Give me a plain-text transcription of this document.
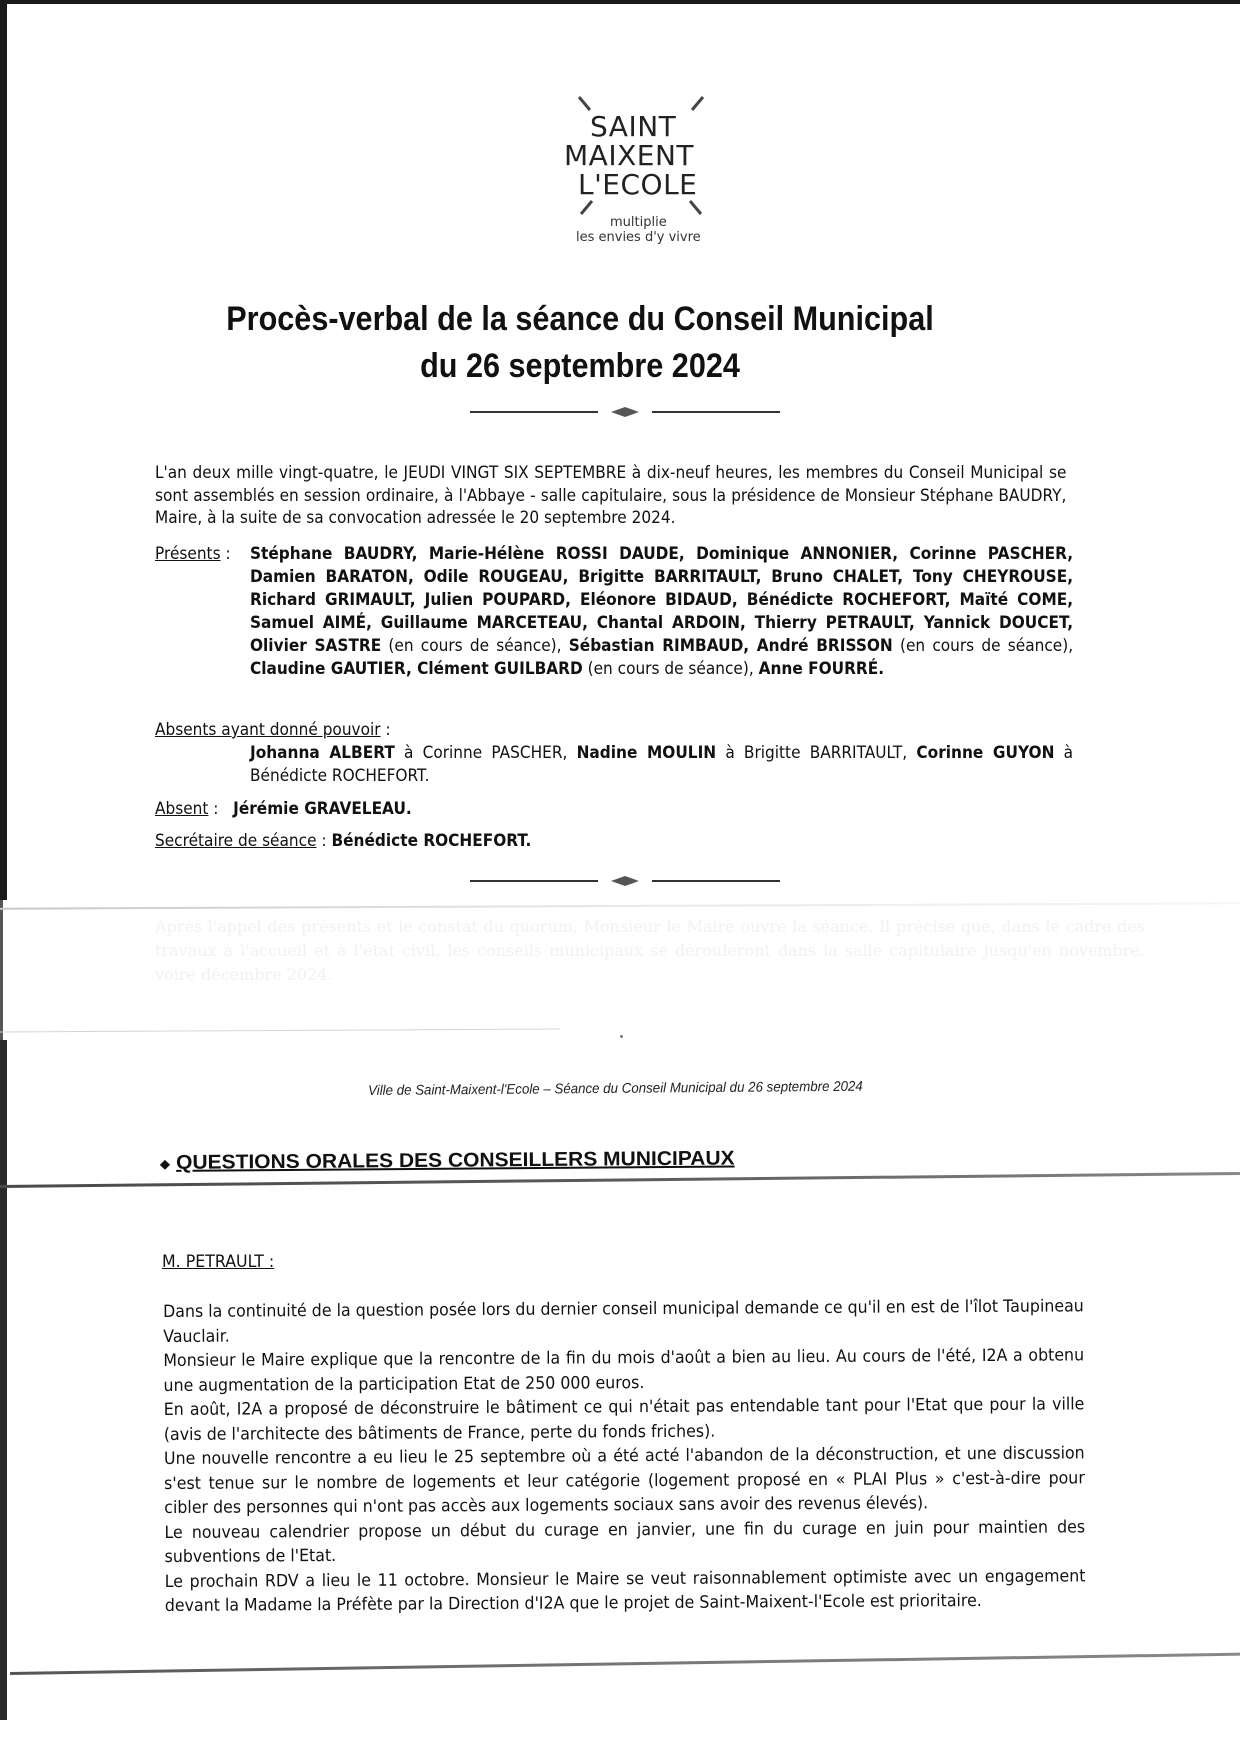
SAINT
MAIXENT
L'ECOLE
multiplie
les envies d'y vivre
Procès-verbal de la séance du Conseil Municipal
du 26 septembre 2024
L'an deux mille vingt-quatre, le JEUDI VINGT SIX SEPTEMBRE à dix-neuf heures, les membres du Conseil Municipal se sont assemblés en session ordinaire, à l'Abbaye - salle capitulaire, sous la présidence de Monsieur Stéphane BAUDRY, Maire, à la suite de sa convocation adressée le 20 septembre 2024.
Présents : Stéphane BAUDRY, Marie-Hélène ROSSI DAUDE, Dominique ANNONIER, Corinne PASCHER, Damien BARATON, Odile ROUGEAU, Brigitte BARRITAULT, Bruno CHALET, Tony CHEYROUSE, Richard GRIMAULT, Julien POUPARD, Eléonore BIDAUD, Bénédicte ROCHEFORT, Maïté COME, Samuel AIMÉ, Guillaume MARCETEAU, Chantal ARDOIN, Thierry PETRAULT, Yannick DOUCET, Olivier SASTRE (en cours de séance), Sébastian RIMBAUD, André BRISSON (en cours de séance), Claudine GAUTIER, Clément GUILBARD (en cours de séance), Anne FOURRÉ.
Absents ayant donné pouvoir :
Johanna ALBERT à Corinne PASCHER, Nadine MOULIN à Brigitte BARRITAULT, Corinne GUYON à Bénédicte ROCHEFORT.
Absent :   Jérémie GRAVELEAU.
Secrétaire de séance : Bénédicte ROCHEFORT.
Après l'appel des présents et le constat du quorum, Monsieur le Maire ouvre la séance. Il précise que, dans le cadre des travaux à l'accueil et à l'état civil, les conseils municipaux se dérouleront dans la salle capitulaire jusqu'en novembre, voire décembre 2024.
Ville de Saint-Maixent-l'Ecole – Séance du Conseil Municipal du 26 septembre 2024
◆ QUESTIONS ORALES DES CONSEILLERS MUNICIPAUX
M. PETRAULT :

Dans la continuité de la question posée lors du dernier conseil municipal demande ce qu'il en est de l'îlot Taupineau Vauclair.

Monsieur le Maire explique que la rencontre de la fin du mois d'août a bien au lieu. Au cours de l'été, I2A a obtenu une augmentation de la participation Etat de 250 000 euros.

En août, I2A a proposé de déconstruire le bâtiment ce qui n'était pas entendable tant pour l'Etat que pour la ville (avis de l'architecte des bâtiments de France, perte du fonds friches).

Une nouvelle rencontre a eu lieu le 25 septembre où a été acté l'abandon de la déconstruction, et une discussion s'est tenue sur le nombre de logements et leur catégorie (logement proposé en « PLAI Plus » c'est-à-dire pour cibler des personnes qui n'ont pas accès aux logements sociaux sans avoir des revenus élevés).

Le nouveau calendrier propose un début du curage en janvier, une fin du curage en juin pour maintien des subventions de l'Etat.

Le prochain RDV a lieu le 11 octobre. Monsieur le Maire se veut raisonnablement optimiste avec un engagement devant la Madame la Préfète par la Direction d'I2A que le projet de Saint-Maixent-l'Ecole est prioritaire.
